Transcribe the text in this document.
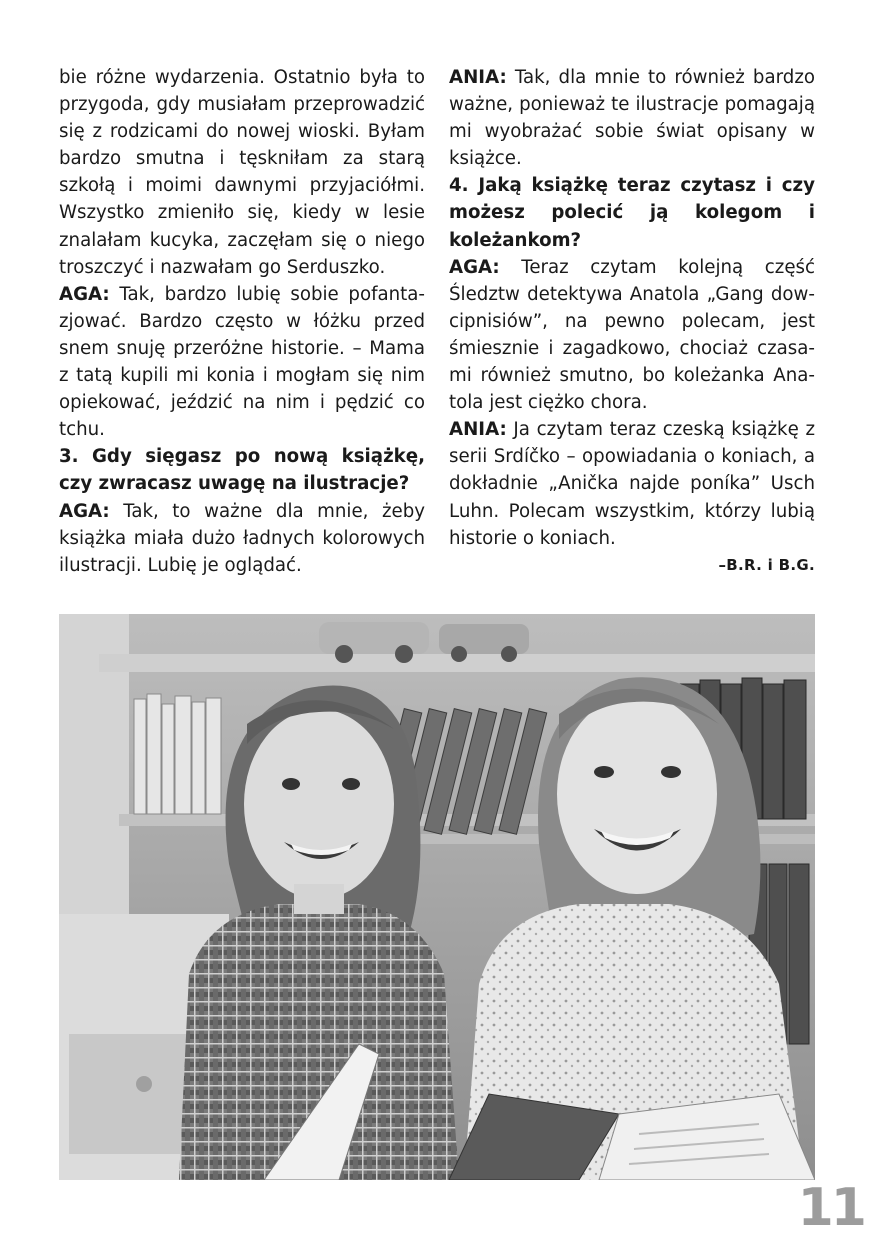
bie różne wydarzenia. Ostatnio była to przygoda, gdy musiałam przeprowadzić się z rodzicami do nowej wioski. Byłam bardzo smutna i tęskniłam za starą szkołą i moimi dawnymi przyjaciółmi. Wszystko zmieniło się, kiedy w lesie znalałam kucyka, zaczęłam się o niego troszczyć i nazwałam go Serduszko.

AGA: Tak, bardzo lubię sobie pofantazjować. Bardzo często w łóżku przed snem snuję przeróżne historie. – Mama z tatą kupili mi konia i mogłam się nim opiekować, jeździć na nim i pędzić co tchu.

3. Gdy sięgasz po nową książkę, czy zwracasz uwagę na ilustracje?

AGA: Tak, to ważne dla mnie, żeby książka miała dużo ładnych kolorowych ilustracji. Lubię je oglądać.

ANIA: Tak, dla mnie to również bardzo ważne, ponieważ te ilustracje pomagają mi wyobrażać sobie świat opisany w książce.

4. Jaką książkę teraz czytasz i czy możesz polecić ją kolegom i koleżankom?

AGA: Teraz czytam kolejną część Śledztw detektywa Anatola „Gang dowcipnisiów”, na pewno polecam, jest śmiesznie i zagadkowo, chociaż czasami również smutno, bo koleżanka Anatola jest ciężko chora.

ANIA: Ja czytam teraz czeską książkę z serii Srdíčko – opowiadania o koniach, a dokładnie „Anička najde poníka” Usch Luhn. Polecam wszystkim, którzy lubią historie o koniach.

–B.R. i B.G.

11
